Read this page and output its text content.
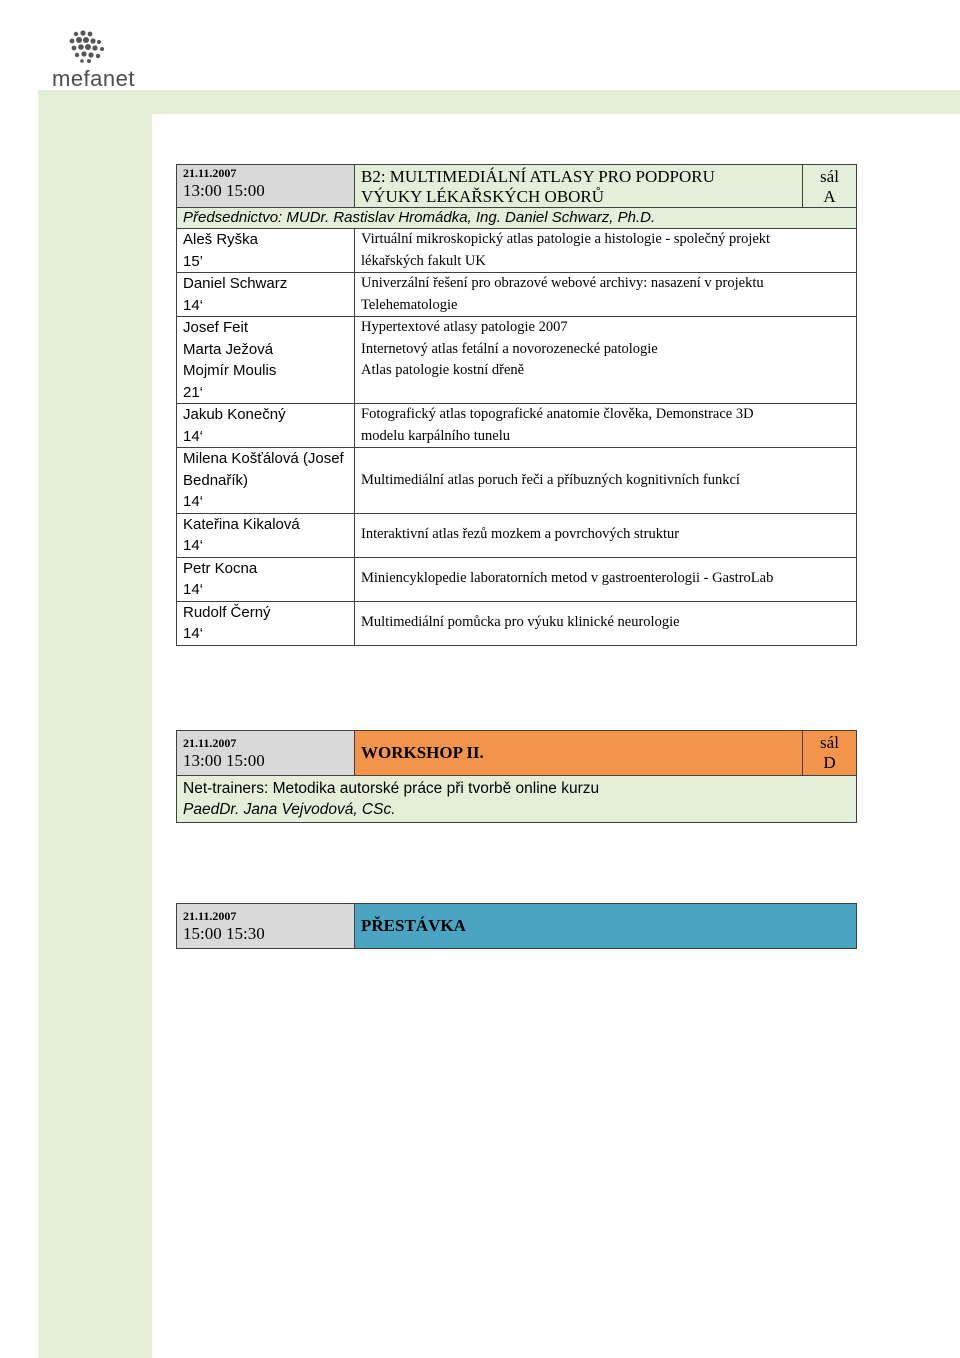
mefanet
21.11.2007
13:00 15:00	B2: MULTIMEDIÁLNÍ ATLASY PRO PODPORU
VÝUKY LÉKAŘSKÝCH OBORŮ	sál
A

Předsednictvo: MUDr. Rastislav Hromádka, Ing. Daniel Schwarz, Ph.D.		

Aleš Ryška
15’	Virtuální mikroskopický atlas patologie a histologie - společný projekt
lékařských fakult UK	

Daniel Schwarz
14‘	Univerzální řešení pro obrazové webové archivy: nasazení v projektu
Telehematologie	

Josef Feit
Marta Ježová
Mojmír Moulis
21‘	Hypertextové atlasy patologie 2007
Internetový atlas fetální a novorozenecké patologie
Atlas patologie kostní dřeně	

Jakub Konečný
14‘	Fotografický atlas topografické anatomie člověka, Demonstrace 3D
modelu karpálního tunelu	

Milena Košťálová (Josef
Bednařík)
14‘	Multimediální atlas poruch řeči a příbuzných kognitivních funkcí	

Kateřina Kikalová
14‘	Interaktivní atlas řezů mozkem a povrchových struktur	

Petr Kocna
14‘	Miniencyklopedie laboratorních metod v gastroenterologii - GastroLab	

Rudolf Černý
14‘	Multimediální pomůcka pro výuku klinické neurologie	
21.11.2007
13:00 15:00	WORKSHOP II.

sál
D

Net-trainers: Metodika autorské práce při tvorbě online kurzu
PaedDr. Jana Vejvodová, CSc.
21.11.2007
15:00 15:30	PŘESTÁVKA
